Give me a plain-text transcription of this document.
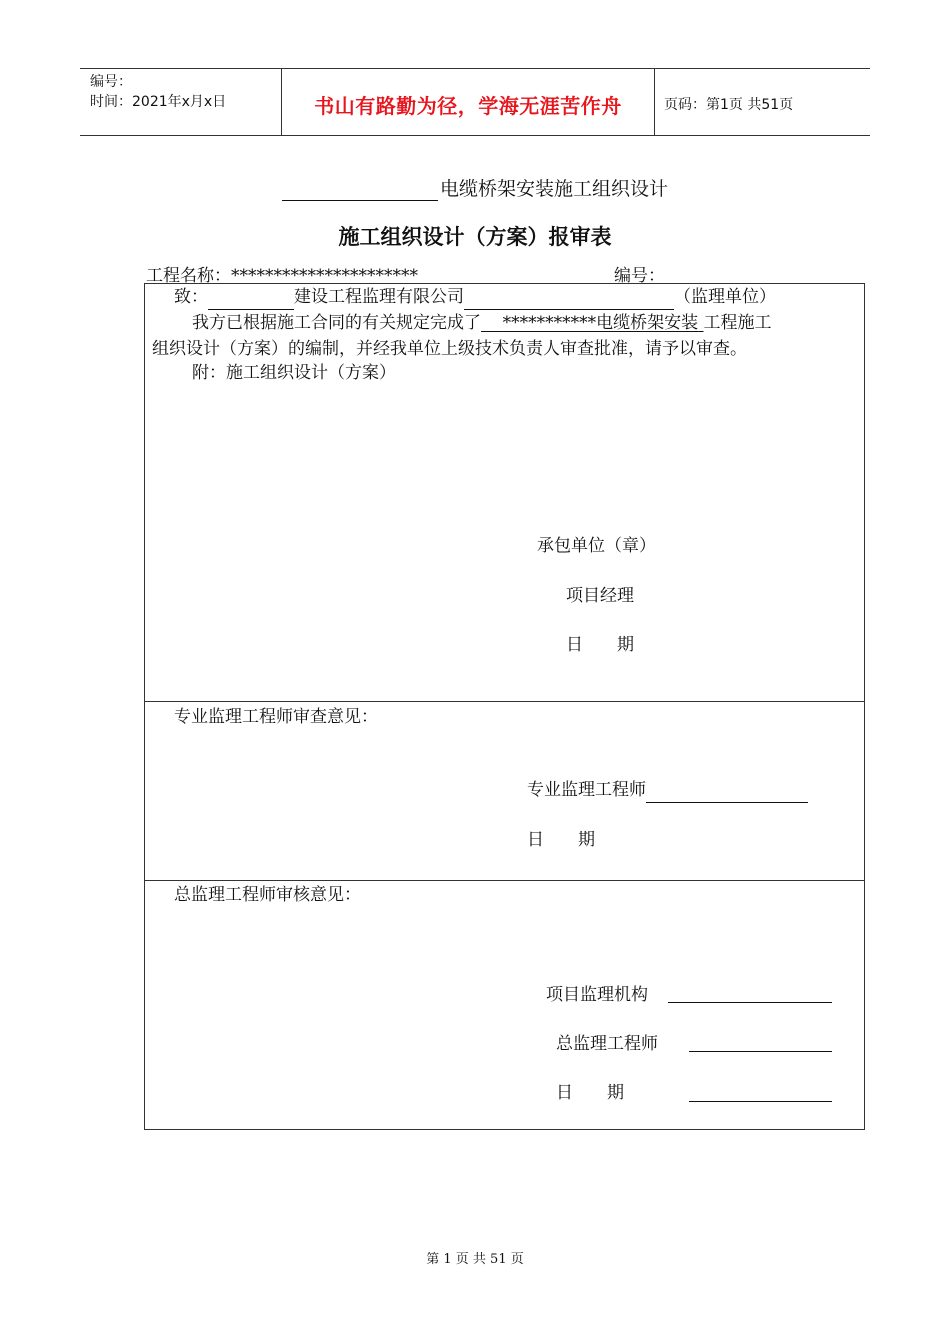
编号：
时间：2021年x月x日	书山有路勤为径，学海无涯苦作舟	页码：第1页 共51页
电缆桥架安装施工组织设计
施工组织设计（方案）报审表
工程名称：**********************	编号：
致：	建设工程监理有限公司	（监理单位）
我方已根据施工合同的有关规定完成了 ***********电缆桥架安装 工程施工
组织设计（方案）的编制，并经我单位上级技术负责人审查批准，请予以审查。
附：施工组织设计（方案）
承包单位（章）
项目经理
日　　期
专业监理工程师审查意见：
专业监理工程师
日　　期
总监理工程师审核意见：
项目监理机构
总监理工程师
日　　期
第 1 页 共 51 页
